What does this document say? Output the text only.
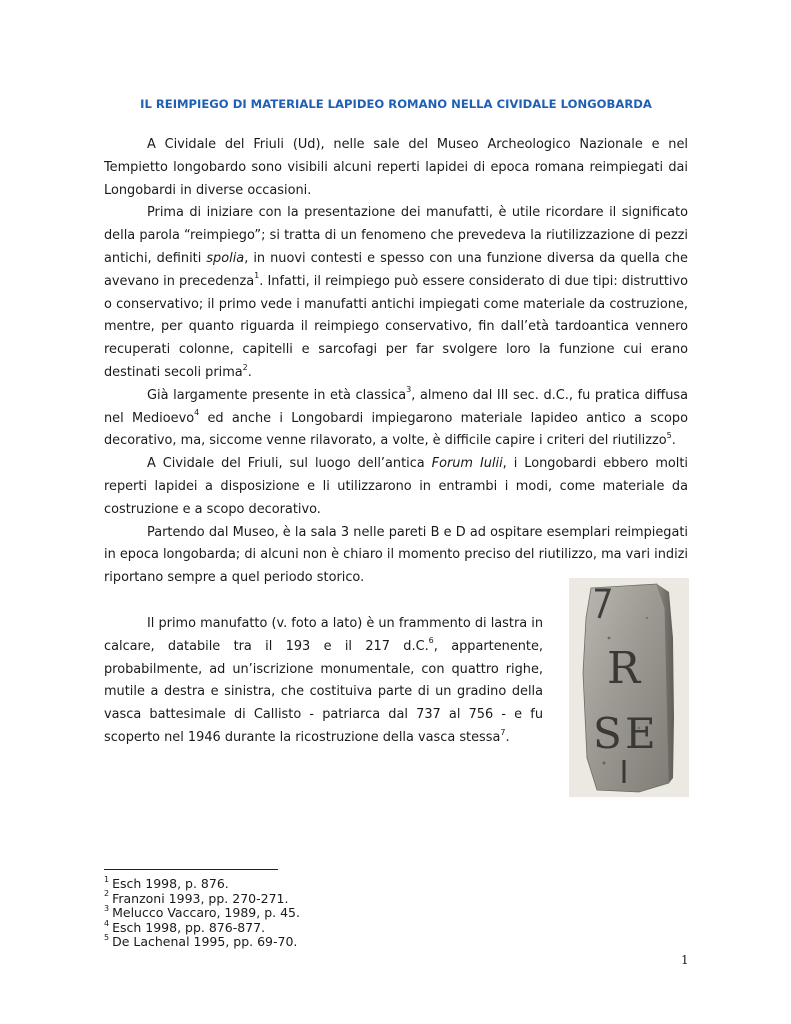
IL REIMPIEGO DI MATERIALE LAPIDEO ROMANO NELLA CIVIDALE LONGOBARDA

A Cividale del Friuli (Ud), nelle sale del Museo Archeologico Nazionale e nel Tempietto longobardo sono visibili alcuni reperti lapidei di epoca romana reimpiegati dai Longobardi in diverse occasioni.

Prima di iniziare con la presentazione dei manufatti, è utile ricordare il significato della parola “reimpiego”; si tratta di un fenomeno che prevedeva la riutilizzazione di pezzi antichi, definiti spolia, in nuovi contesti e spesso con una funzione diversa da quella che avevano in precedenza$^1$. Infatti, il reimpiego può essere considerato di due tipi: distruttivo o conservativo; il primo vede i manufatti antichi impiegati come materiale da costruzione, mentre, per quanto riguarda il reimpiego conservativo, fin dall’età tardoantica vennero recuperati colonne, capitelli e sarcofagi per far svolgere loro la funzione cui erano destinati secoli prima$^2$.

Già largamente presente in età classica$^3$, almeno dal III sec. d.C., fu pratica diffusa nel Medioevo$^4$ ed anche i Longobardi impiegarono materiale lapideo antico a scopo decorativo, ma, siccome venne rilavorato, a volte, è difficile capire i criteri del riutilizzo$^5$.

A Cividale del Friuli, sul luogo dell’antica Forum Iulii, i Longobardi ebbero molti reperti lapidei a disposizione e li utilizzarono in entrambi i modi, come materiale da costruzione e a scopo decorativo.

Partendo dal Museo, è la sala 3 nelle pareti B e D ad ospitare esemplari reimpiegati in epoca longobarda; di alcuni non è chiaro il momento preciso del riutilizzo, ma vari indizi riportano sempre a quel periodo storico.

Il primo manufatto (v. foto a lato) è un frammento di lastra in calcare, databile tra il 193 e il 217 d.C.$^6$, appartenente, probabilmente, ad un’iscrizione monumentale, con quattro righe, mutile a destra e sinistra, che costituiva parte di un gradino della vasca battesimale di Callisto - patriarca dal 737 al 756 - e fu scoperto nel 1946 durante la ricostruzione della vasca stessa$^7$.

R
S E
$^1$ Esch 1998, p. 876.
$^2$ Franzoni 1993, pp. 270-271.
$^3$ Melucco Vaccaro, 1989, p. 45.
$^4$ Esch 1998, pp. 876-877.
$^5$ De Lachenal 1995, pp. 69-70.
1
